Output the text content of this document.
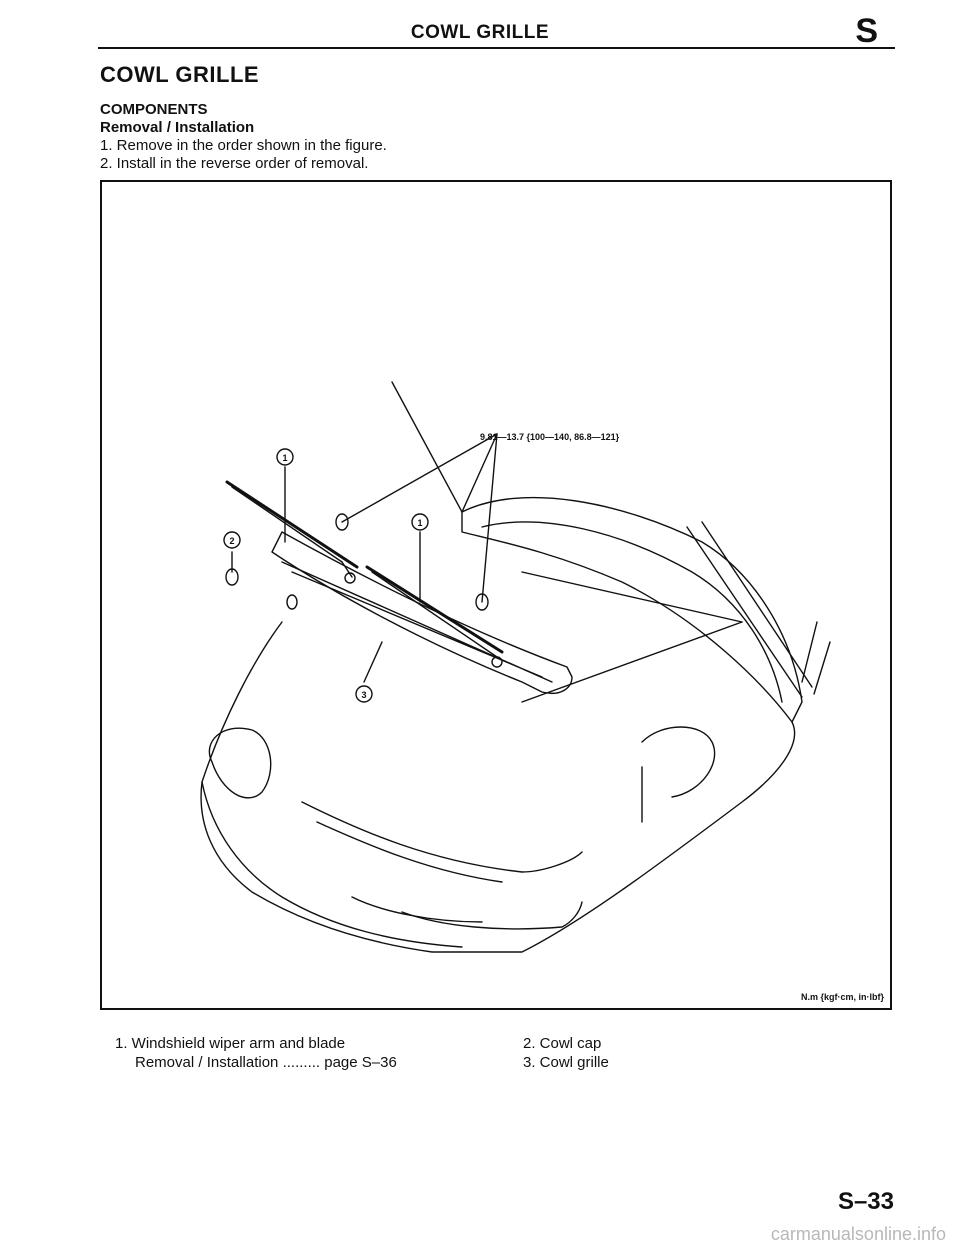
COWL GRILLE	S
COWL GRILLE
COMPONENTS
Removal / Installation
1. Remove in the order shown in the figure.
2. Install in the reverse order of removal.
1
2
1
3
9.81—13.7 {100—140, 86.8—121}
N.m {kgf·cm, in·lbf}
1. Windshield wiper arm and blade
Removal / Installation ......... page S–36
2. Cowl cap
3. Cowl grille
S–33
carmanualsonline.info
